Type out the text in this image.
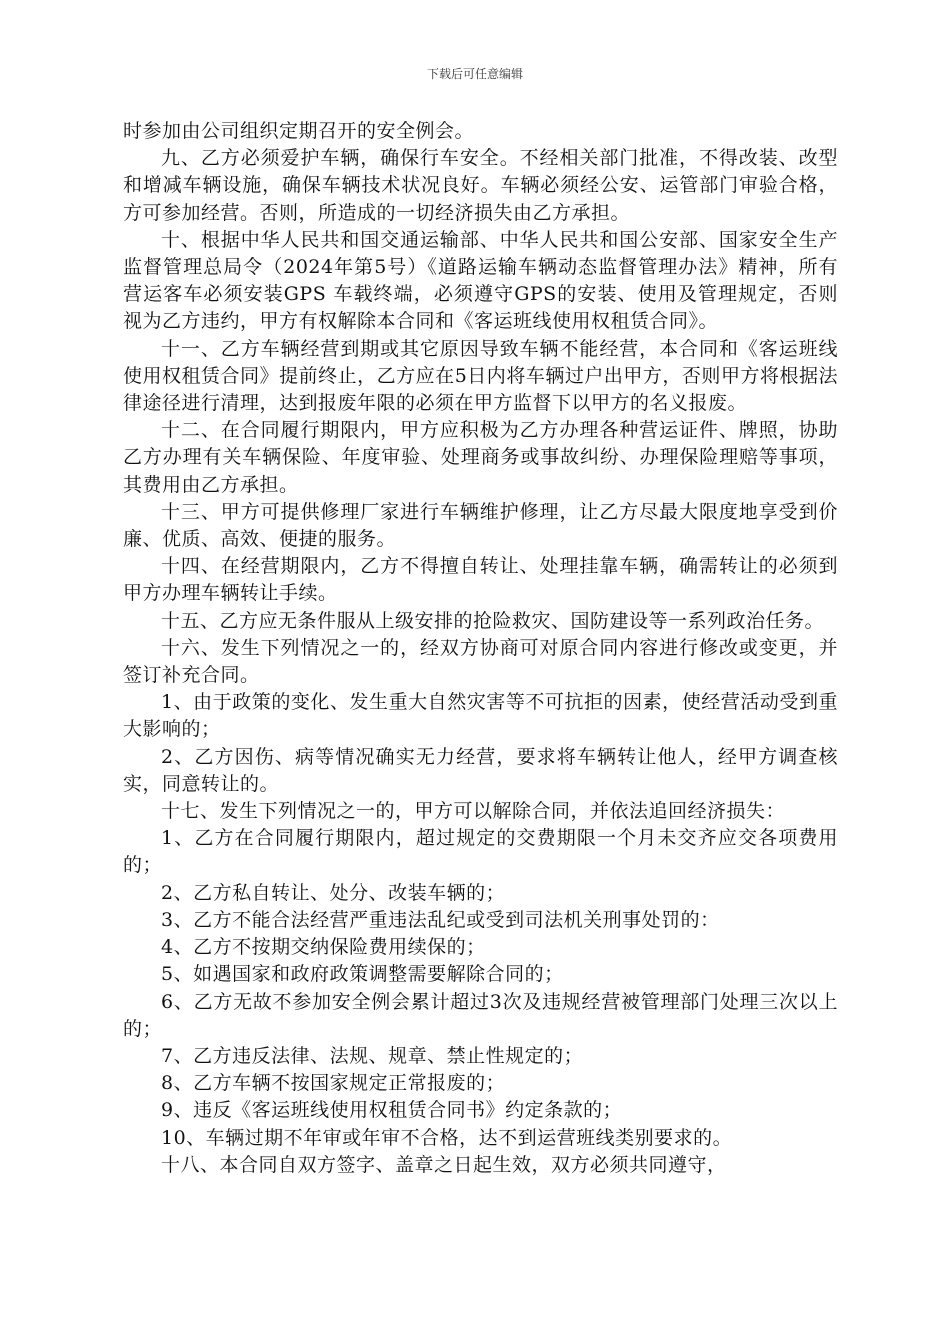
下载后可任意编辑

时参加由公司组织定期召开的安全例会。

九、乙方必须爱护车辆，确保行车安全。不经相关部门批准，不得改装、改型和增减车辆设施，确保车辆技术状况良好。车辆必须经公安、运管部门审验合格，方可参加经营。否则，所造成的一切经济损失由乙方承担。

十、根据中华人民共和国交通运输部、中华人民共和国公安部、国家安全生产监督管理总局令（2024年第5号）《道路运输车辆动态监督管理办法》精神，所有营运客车必须安装GPS 车载终端，必须遵守GPS的安装、使用及管理规定，否则视为乙方违约，甲方有权解除本合同和《客运班线使用权租赁合同》。

十一、乙方车辆经营到期或其它原因导致车辆不能经营，本合同和《客运班线使用权租赁合同》提前终止，乙方应在5日内将车辆过户出甲方，否则甲方将根据法律途径进行清理，达到报废年限的必须在甲方监督下以甲方的名义报废。

十二、在合同履行期限内，甲方应积极为乙方办理各种营运证件、牌照，协助乙方办理有关车辆保险、年度审验、处理商务或事故纠纷、办理保险理赔等事项，其费用由乙方承担。

十三、甲方可提供修理厂家进行车辆维护修理，让乙方尽最大限度地享受到价廉、优质、高效、便捷的服务。

十四、在经营期限内，乙方不得擅自转让、处理挂靠车辆，确需转让的必须到甲方办理车辆转让手续。

十五、乙方应无条件服从上级安排的抢险救灾、国防建设等一系列政治任务。

十六、发生下列情况之一的，经双方协商可对原合同内容进行修改或变更，并签订补充合同。

1、由于政策的变化、发生重大自然灾害等不可抗拒的因素，使经营活动受到重大影响的；

2、乙方因伤、病等情况确实无力经营，要求将车辆转让他人，经甲方调查核实，同意转让的。

十七、发生下列情况之一的，甲方可以解除合同，并依法追回经济损失：

1、乙方在合同履行期限内，超过规定的交费期限一个月未交齐应交各项费用的；

2、乙方私自转让、处分、改装车辆的；

3、乙方不能合法经营严重违法乱纪或受到司法机关刑事处罚的：

4、乙方不按期交纳保险费用续保的；

5、如遇国家和政府政策调整需要解除合同的；

6、乙方无故不参加安全例会累计超过3次及违规经营被管理部门处理三次以上的；

7、乙方违反法律、法规、规章、禁止性规定的；

8、乙方车辆不按国家规定正常报废的；

9、违反《客运班线使用权租赁合同书》约定条款的；

10、车辆过期不年审或年审不合格，达不到运营班线类别要求的。

十八、本合同自双方签字、盖章之日起生效，双方必须共同遵守，
